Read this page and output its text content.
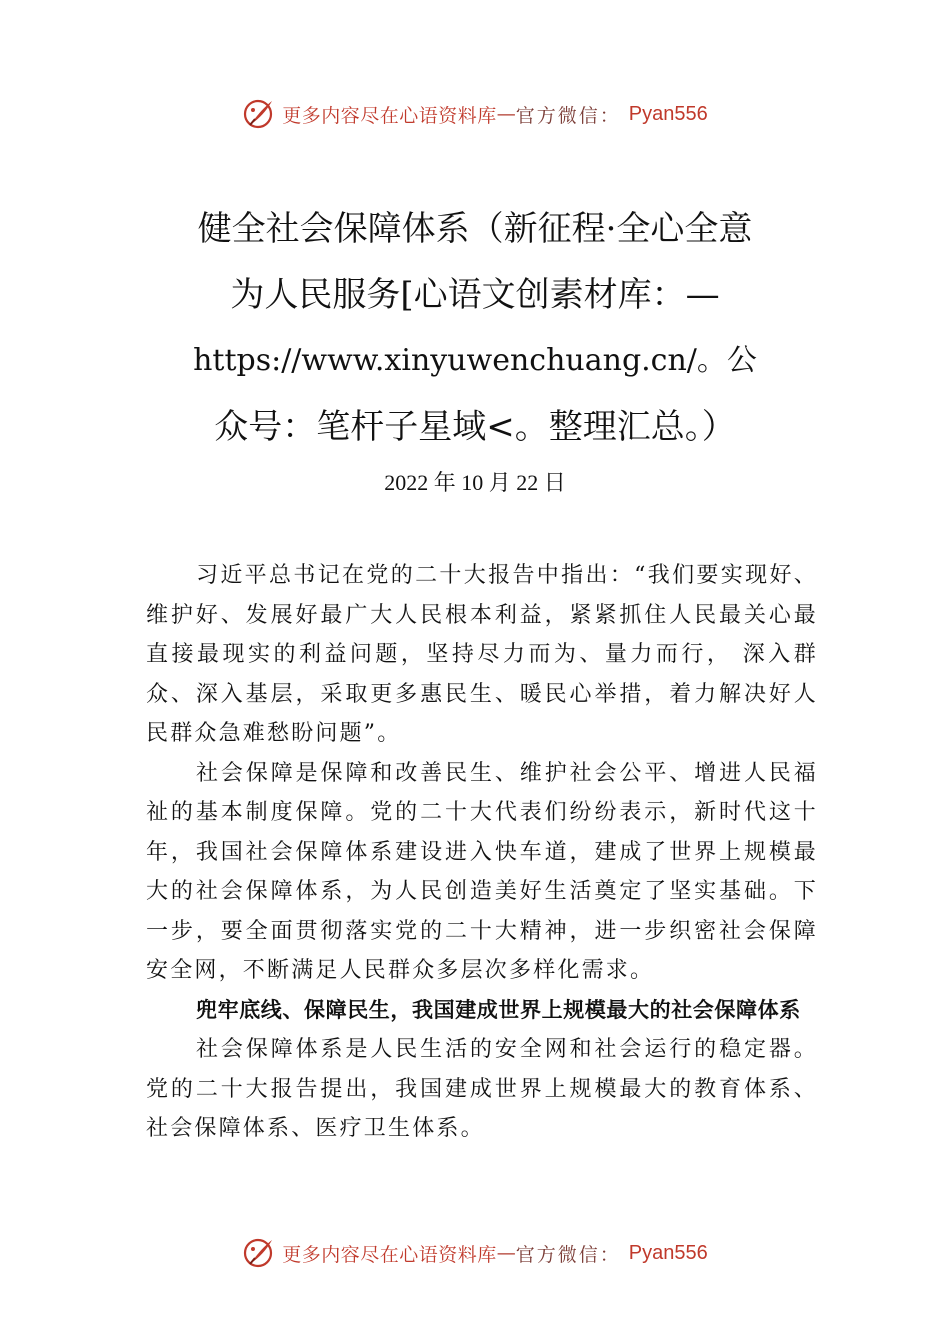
更多内容尽在心语资料库 — 官方微信 ： Pyan556
健全社会保障体系（新征程·全心全意
为人民服务[心语文创素材库：—
https://www.xinyuwenchuang.cn/。公
众号：笔杆子星域<。整理汇总。）
2022 年 10 月 22 日

习近平总书记在党的二十大报告中指出：“我们要实现好、维护好、发展好最广大人民根本利益，紧紧抓住人民最关心最直接最现实的利益问题，坚持尽力而为、量力而行， 深入群众、深入基层，采取更多惠民生、暖民心举措，着力解决好人民群众急难愁盼问题”。

社会保障是保障和改善民生、维护社会公平、增进人民福祉的基本制度保障。党的二十大代表们纷纷表示，新时代这十年，我国社会保障体系建设进入快车道，建成了世界上规模最大的社会保障体系，为人民创造美好生活奠定了坚实基础。下一步，要全面贯彻落实党的二十大精神，进一步织密社会保障安全网，不断满足人民群众多层次多样化需求。

兜牢底线、保障民生，我国建成世界上规模最大的社会保障体系

社会保障体系是人民生活的安全网和社会运行的稳定器。党的二十大报告提出，我国建成世界上规模最大的教育体系、社会保障体系、医疗卫生体系。

更多内容尽在心语资料库 — 官方微信 ： Pyan556
